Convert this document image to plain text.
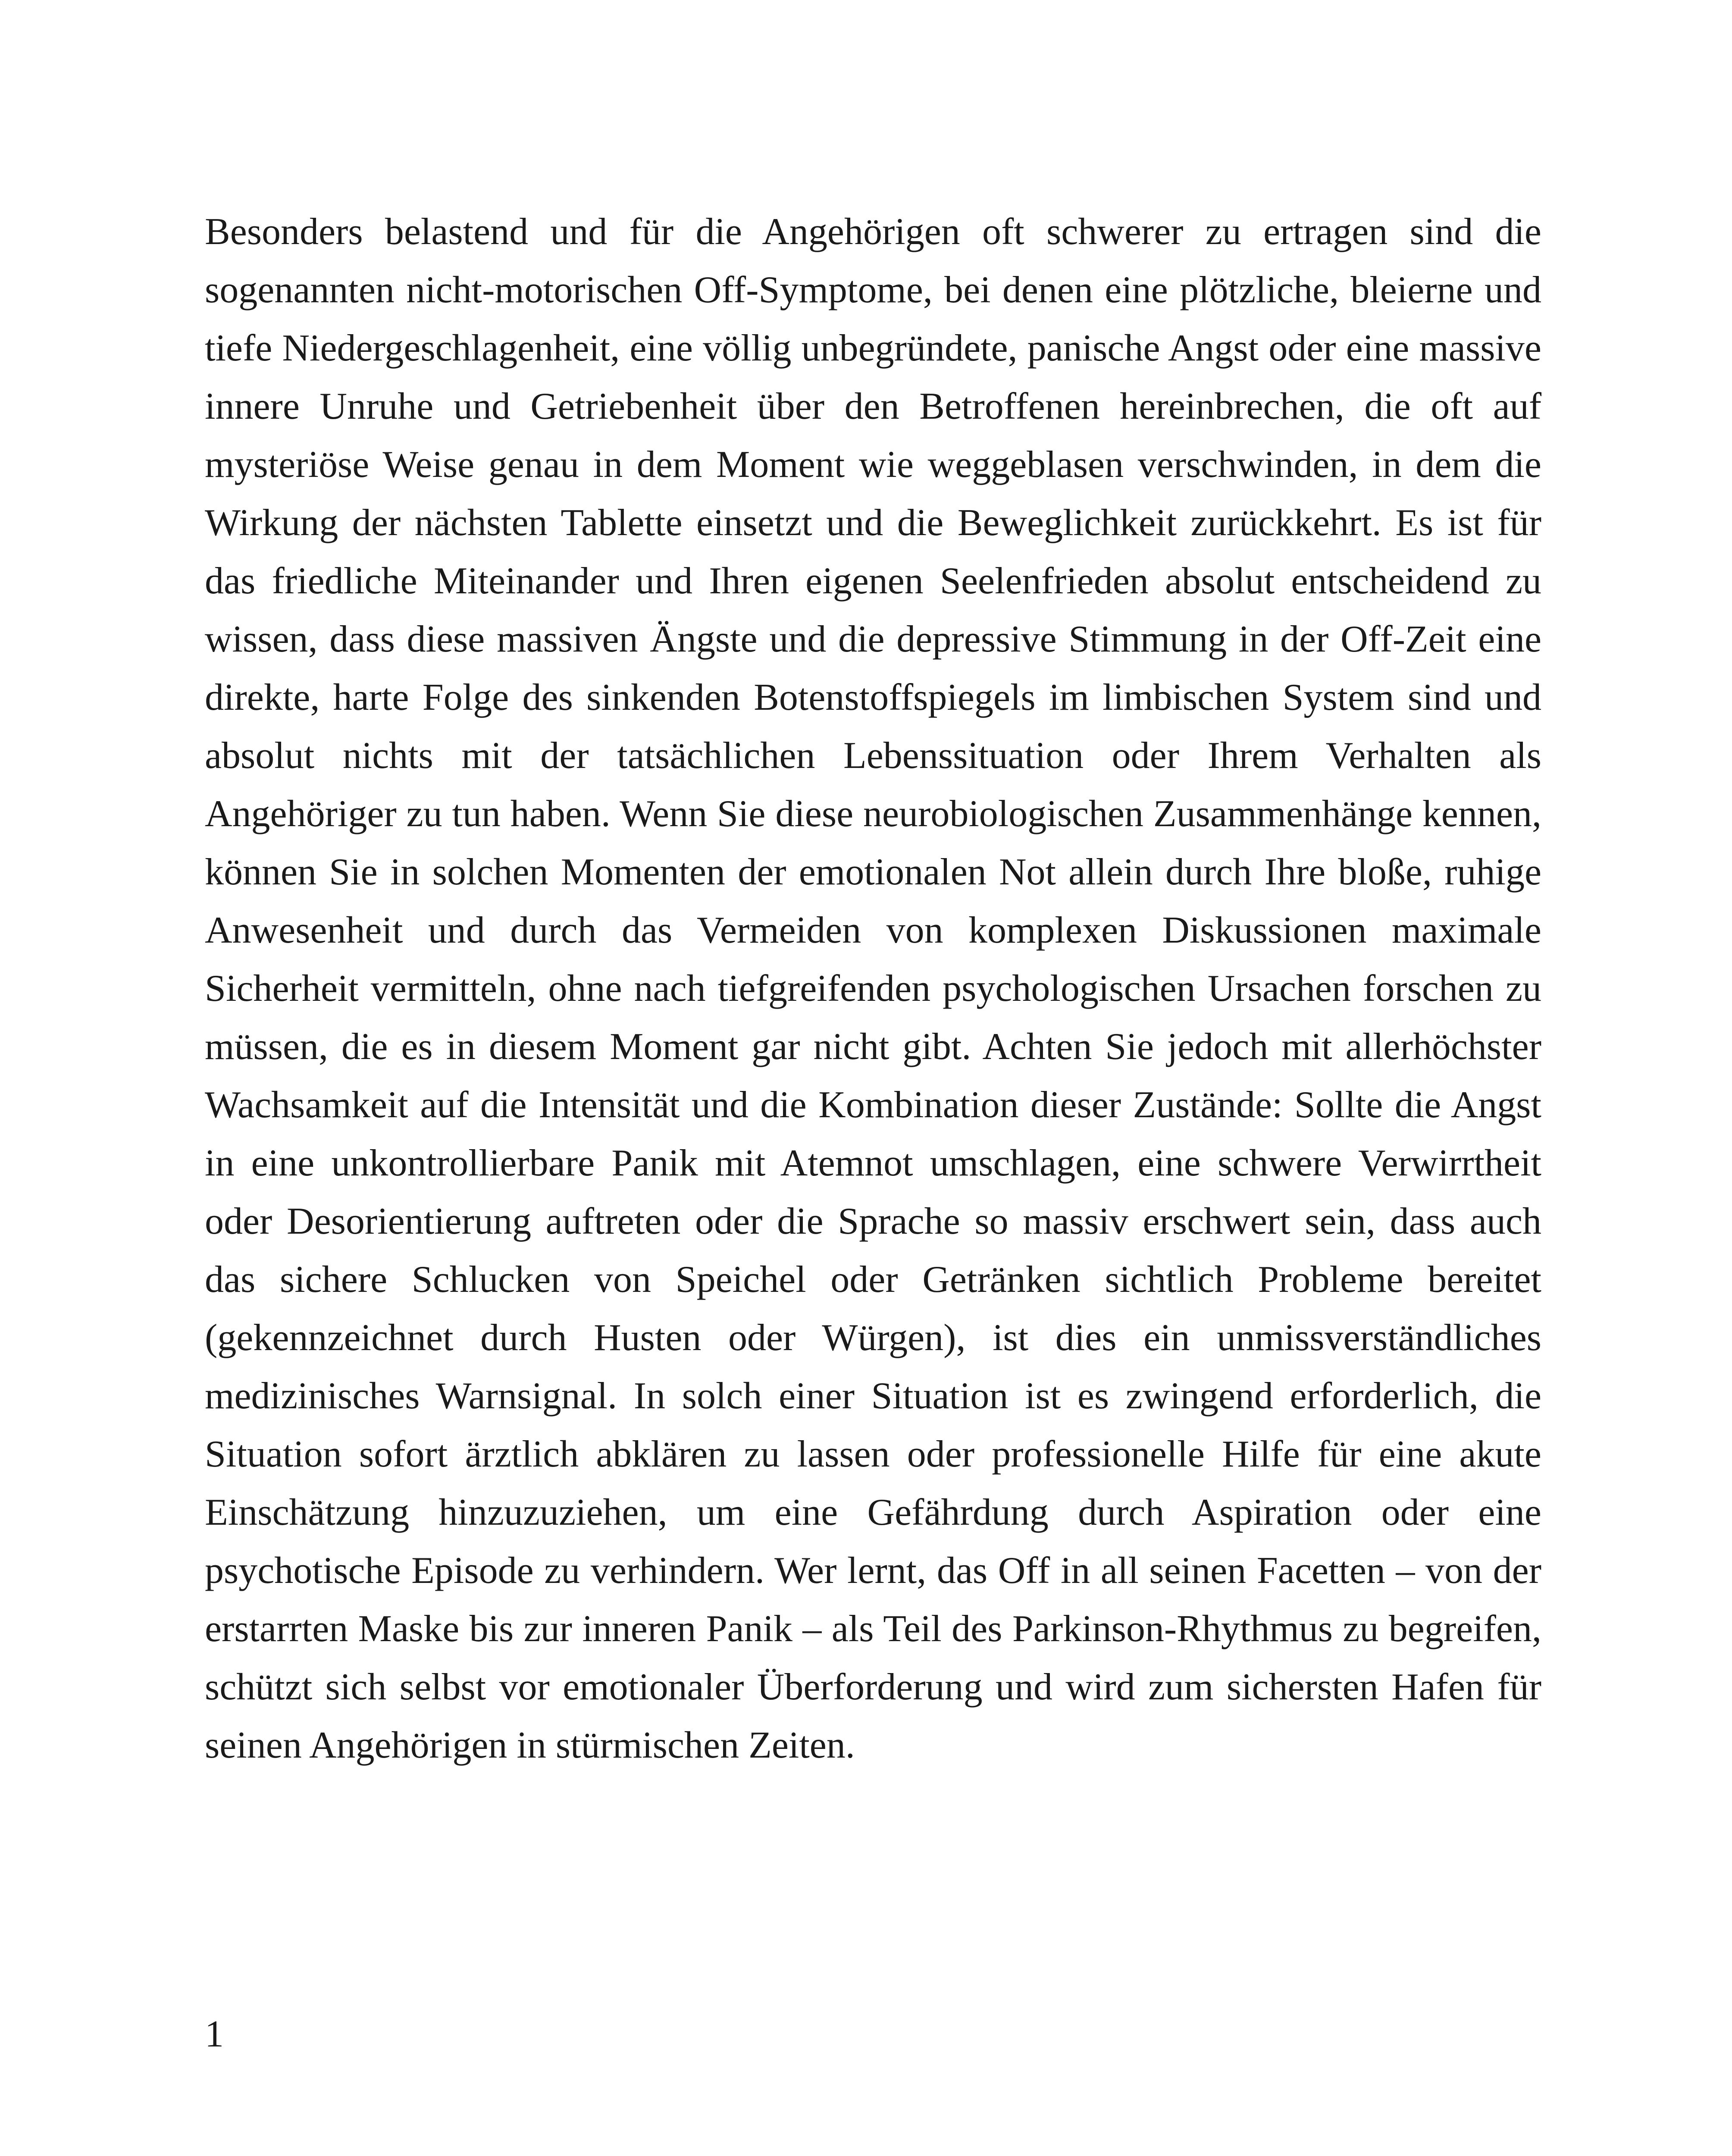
Besonders belastend und für die Angehörigen oft schwerer zu ertragen sind die sogenannten nicht-motorischen Off-Symptome, bei denen eine plötzliche, bleierne und tiefe Niedergeschlagenheit, eine völlig unbegründete, panische Angst oder eine massive innere Unruhe und Getriebenheit über den Betroffenen hereinbrechen, die oft auf mysteriöse Weise genau in dem Moment wie weggeblasen verschwinden, in dem die Wirkung der nächsten Tablette einsetzt und die Beweglichkeit zurückkehrt. Es ist für das friedliche Miteinander und Ihren eigenen Seelenfrieden absolut entscheidend zu wissen, dass diese massiven Ängste und die depressive Stimmung in der Off-Zeit eine direkte, harte Folge des sinkenden Botenstoffspiegels im limbischen System sind und absolut nichts mit der tatsächlichen Lebenssituation oder Ihrem Verhalten als Angehöriger zu tun haben. Wenn Sie diese neurobiologischen Zusammenhänge kennen, können Sie in solchen Momenten der emotionalen Not allein durch Ihre bloße, ruhige Anwesenheit und durch das Vermeiden von komplexen Diskussionen maximale Sicherheit vermitteln, ohne nach tiefgreifenden psychologischen Ursachen forschen zu müssen, die es in diesem Moment gar nicht gibt. Achten Sie jedoch mit allerhöchster Wachsamkeit auf die Intensität und die Kombination dieser Zustände: Sollte die Angst in eine unkontrollierbare Panik mit Atemnot umschlagen, eine schwere Verwirrtheit oder Desorientierung auftreten oder die Sprache so massiv erschwert sein, dass auch das sichere Schlucken von Speichel oder Getränken sichtlich Probleme bereitet (gekennzeichnet durch Husten oder Würgen), ist dies ein unmissverständliches medizinisches Warnsignal. In solch einer Situation ist es zwingend erforderlich, die Situation sofort ärztlich abklären zu lassen oder professionelle Hilfe für eine akute Einschätzung hinzuzuziehen, um eine Gefährdung durch Aspiration oder eine psychotische Episode zu verhindern. Wer lernt, das Off in all seinen Facetten – von der erstarrten Maske bis zur inneren Panik – als Teil des Parkinson-Rhythmus zu begreifen, schützt sich selbst vor emotionaler Überforderung und wird zum sichersten Hafen für seinen Angehörigen in stürmischen Zeiten.

1
